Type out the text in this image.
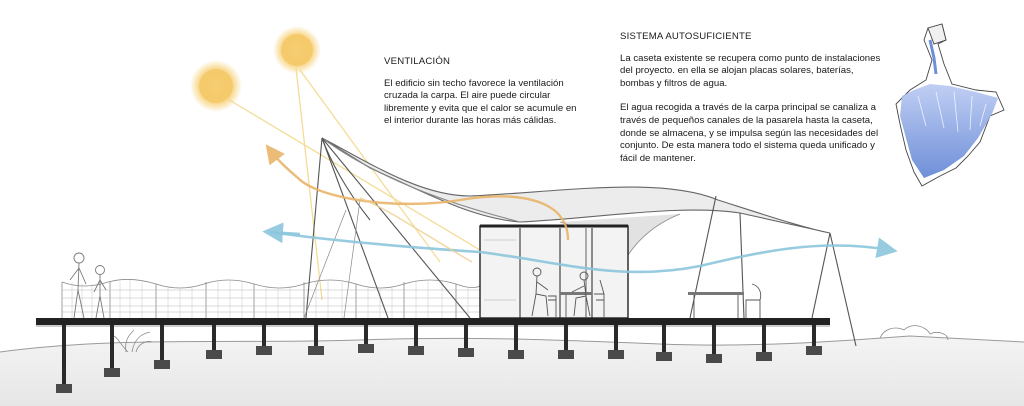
VENTILACIÓN

El edificio sin techo favorece la ventilación cruzada la carpa. El aire puede circular libremente y evita que el calor se acumule en el interior durante las horas más cálidas.

SISTEMA AUTOSUFICIENTE

La caseta existente se recupera como punto de instalaciones del proyecto. en ella se alojan placas solares, baterías, bombas y filtros de agua.

El agua recogida a través de la carpa principal se canaliza a través de pequeños canales de la pasarela hasta la caseta, donde se almacena, y se impulsa según las necesidades del conjunto. De esta manera todo el sistema queda unificado y fácil de mantener.
